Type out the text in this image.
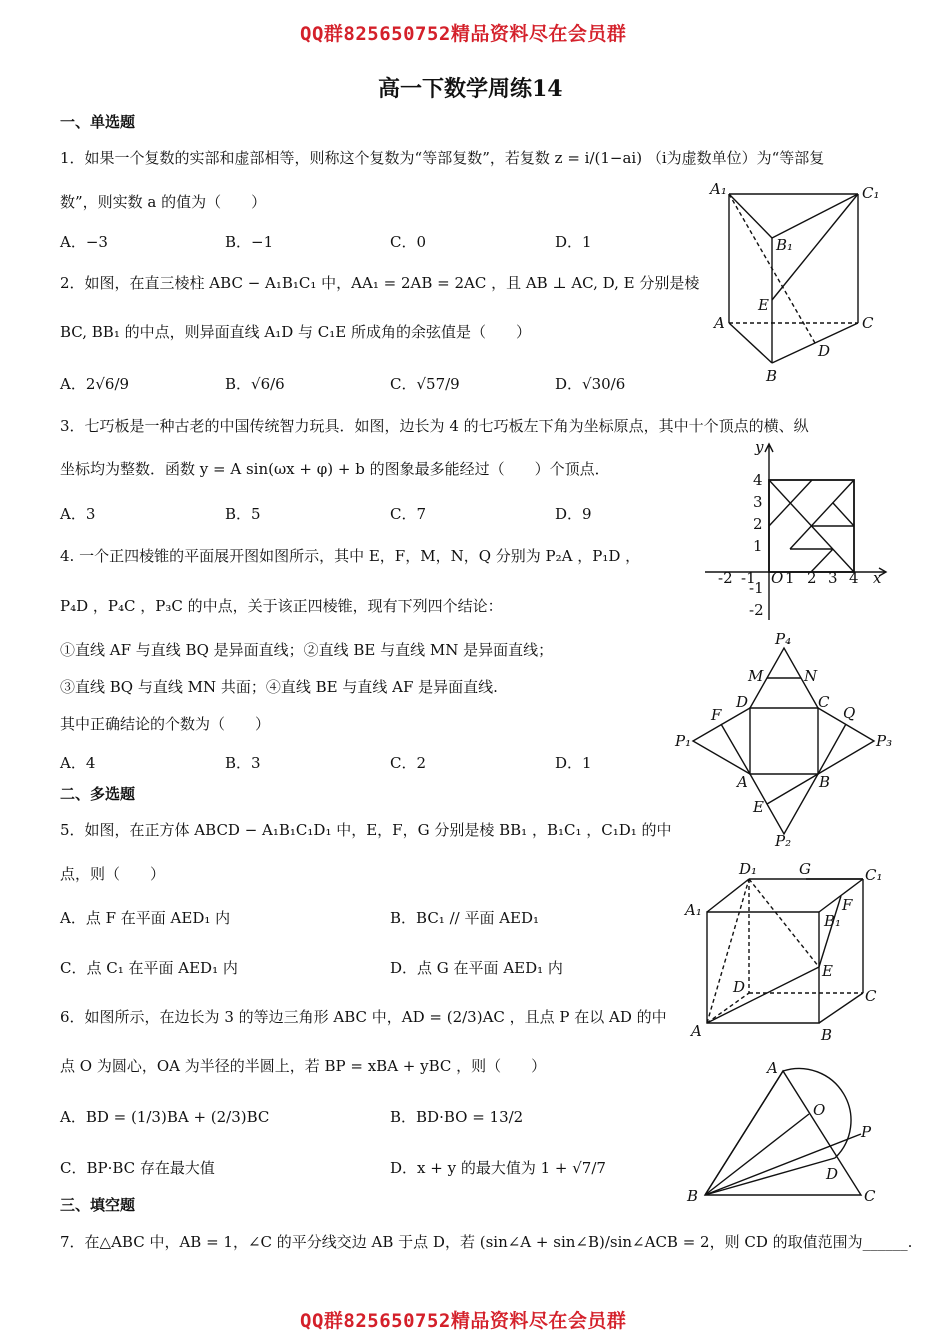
QQ群825650752精品资料尽在会员群
QQ群825650752精品资料尽在会员群
高一下数学周练14
一、单选题
1．如果一个复数的实部和虚部相等，则称这个复数为“等部复数”，若复数 z = i/(1−ai) （i为虚数单位）为“等部复
数”，则实数 a 的值为（　　）
A．−3	B．−1	C．0	D．1
2．如图，在直三棱柱 ABC − A₁B₁C₁ 中，AA₁ = 2AB = 2AC ，且 AB ⊥ AC, D, E 分别是棱
BC, BB₁ 的中点，则异面直线 A₁D 与 C₁E 所成角的余弦值是（　　）
A．2√6/9	B．√6/6	C．√57/9	D．√30/6
3．七巧板是一种古老的中国传统智力玩具．如图，边长为 4 的七巧板左下角为坐标原点，其中十个顶点的横、纵
坐标均为整数．函数 y = A sin(ωx + φ) + b 的图象最多能经过（　　）个顶点．
A．3	B．5	C．7	D．9
4. 一个正四棱锥的平面展开图如图所示，其中 E，F，M，N，Q 分别为 P₂A ，P₁D ，
P₄D ，P₄C ，P₃C 的中点，关于该正四棱锥，现有下列四个结论：
①直线 AF 与直线 BQ 是异面直线；②直线 BE 与直线 MN 是异面直线；
③直线 BQ 与直线 MN 共面；④直线 BE 与直线 AF 是异面直线.
其中正确结论的个数为（　　）
A．4	B．3	C．2	D．1
二、多选题
5．如图，在正方体 ABCD − A₁B₁C₁D₁ 中，E，F，G 分别是棱 BB₁ ，B₁C₁ ，C₁D₁ 的中
点，则（　　）
A．点 F 在平面 AED₁ 内	B．BC₁ // 平面 AED₁
C．点 C₁ 在平面 AED₁ 内	D．点 G 在平面 AED₁ 内
6．如图所示，在边长为 3 的等边三角形 ABC 中，AD = (2/3)AC ，且点 P 在以 AD 的中
点 O 为圆心，OA 为半径的半圆上，若 BP = xBA + yBC ，则（　　）
A．BD = (1/3)BA + (2/3)BC	B．BD·BO = 13/2
C．BP·BC 存在最大值	D．x + y 的最大值为 1 + √7/7
三、填空题
7．在△ABC 中，AB = 1，∠C 的平分线交边 AB 于点 D，若 (sin∠A + sin∠B)/sin∠ACB = 2，则 CD 的取值范围为______.
A₁	C₁
B₁
E
A	C
D
B
y
x
4
3
2
1
-1
-2
-2 -1 O 1 2 3 4
P₄
M	N
D	C
F	Q
P₁	P₃
A	B
E
P₂
D₁	G	C₁
A₁	F
B₁
E
D	C
A	B
A
O
P
D
B	C
